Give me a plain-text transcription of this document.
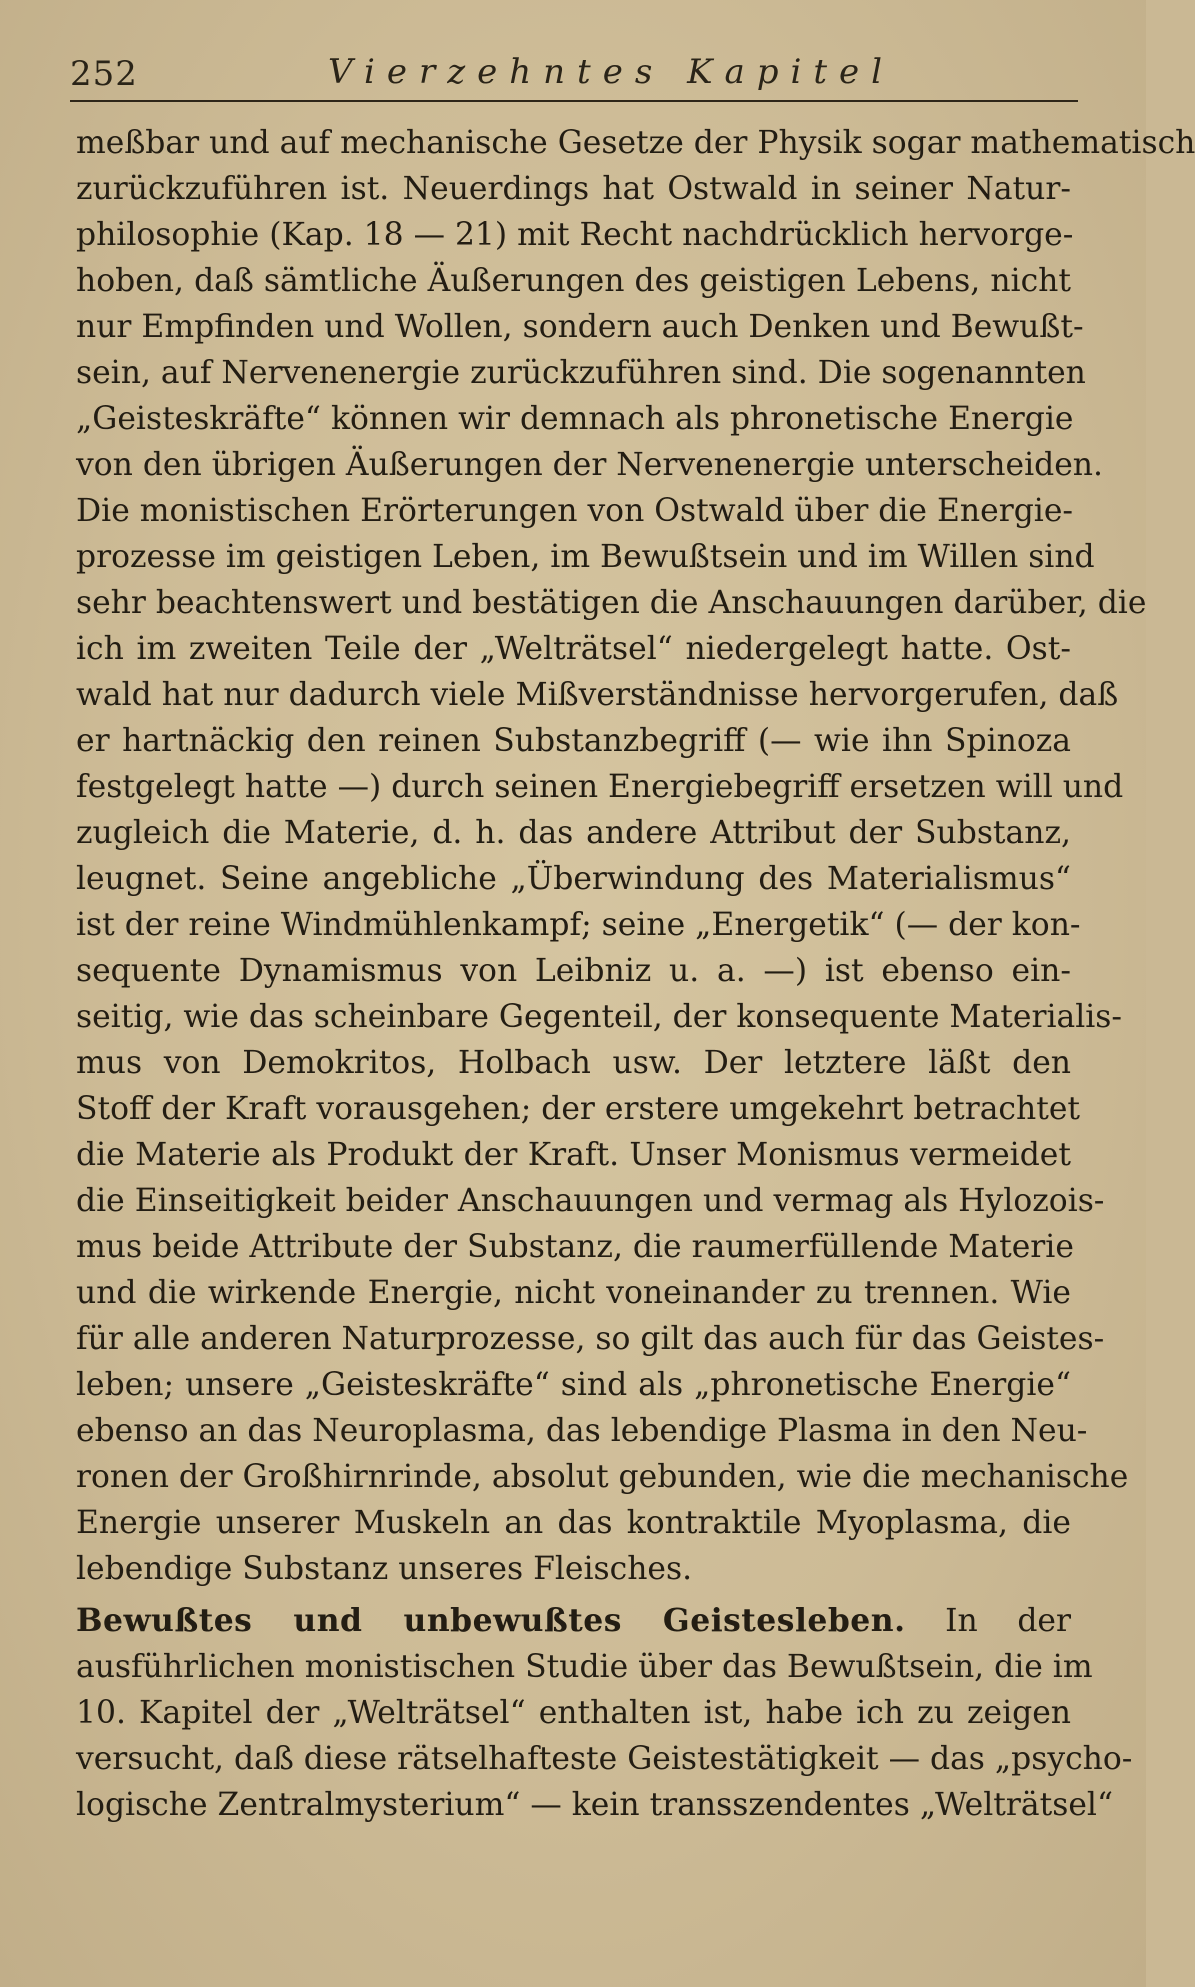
252	Vierzehntes Kapitel
meßbar und auf mechanische Gesetze der Physik sogar mathematisch
zurückzuführen ist. Neuerdings hat Ostwald in seiner Natur-
philosophie (Kap. 18 — 21) mit Recht nachdrücklich hervorge-
hoben, daß sämtliche Äußerungen des geistigen Lebens, nicht
nur Empfinden und Wollen, sondern auch Denken und Bewußt-
sein, auf Nervenenergie zurückzuführen sind. Die sogenannten
„Geisteskräfte“ können wir demnach als phronetische Energie
von den übrigen Äußerungen der Nervenenergie unterscheiden.
Die monistischen Erörterungen von Ostwald über die Energie-
prozesse im geistigen Leben, im Bewußtsein und im Willen sind
sehr beachtenswert und bestätigen die Anschauungen darüber, die
ich im zweiten Teile der „Welträtsel“ niedergelegt hatte. Ost-
wald hat nur dadurch viele Mißverständnisse hervorgerufen, daß
er hartnäckig den reinen Substanzbegriff (— wie ihn Spinoza
festgelegt hatte —) durch seinen Energiebegriff ersetzen will und
zugleich die Materie, d. h. das andere Attribut der Substanz,
leugnet. Seine angebliche „Überwindung des Materialismus“
ist der reine Windmühlenkampf; seine „Energetik“ (— der kon-
sequente Dynamismus von Leibniz u. a. —) ist ebenso ein-
seitig, wie das scheinbare Gegenteil, der konsequente Materialis-
mus von Demokritos, Holbach usw. Der letztere läßt den
Stoff der Kraft vorausgehen; der erstere umgekehrt betrachtet
die Materie als Produkt der Kraft. Unser Monismus vermeidet
die Einseitigkeit beider Anschauungen und vermag als Hylozois-
mus beide Attribute der Substanz, die raumerfüllende Materie
und die wirkende Energie, nicht voneinander zu trennen. Wie
für alle anderen Naturprozesse, so gilt das auch für das Geistes-
leben; unsere „Geisteskräfte“ sind als „phronetische Energie“
ebenso an das Neuroplasma, das lebendige Plasma in den Neu-
ronen der Großhirnrinde, absolut gebunden, wie die mechanische
Energie unserer Muskeln an das kontraktile Myoplasma, die
lebendige Substanz unseres Fleisches.
Bewußtes und unbewußtes Geistesleben. In der
ausführlichen monistischen Studie über das Bewußtsein, die im
10. Kapitel der „Welträtsel“ enthalten ist, habe ich zu zeigen
versucht, daß diese rätselhafteste Geistestätigkeit — das „psycho-
logische Zentralmysterium“ — kein transszendentes „Welträtsel“
